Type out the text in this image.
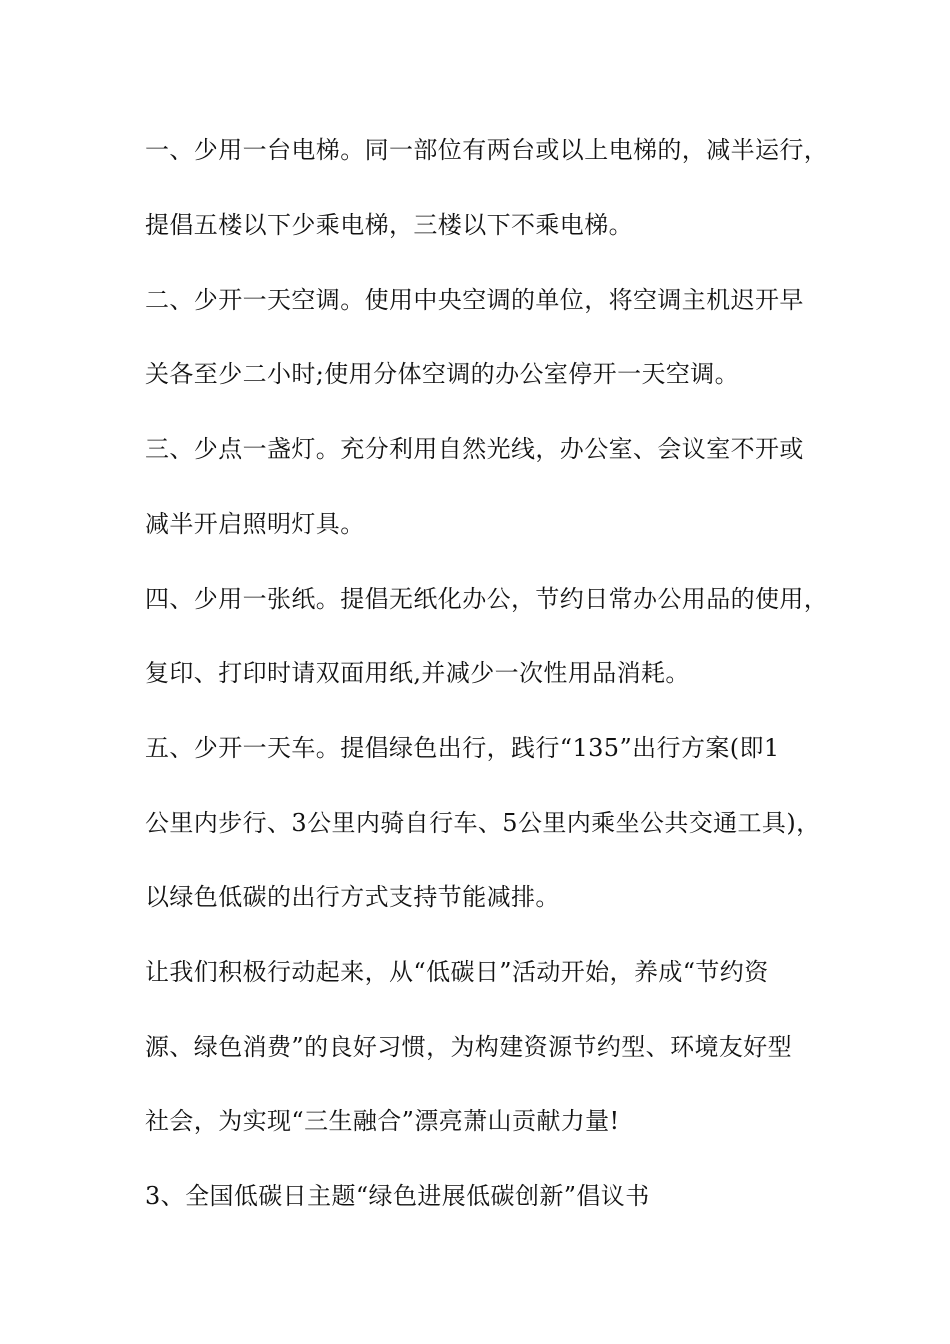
一、少用一台电梯。同一部位有两台或以上电梯的，减半运行，
提倡五楼以下少乘电梯，三楼以下不乘电梯。
二、少开一天空调。使用中央空调的单位，将空调主机迟开早
关各至少二小时;使用分体空调的办公室停开一天空调。
三、少点一盏灯。充分利用自然光线，办公室、会议室不开或
减半开启照明灯具。
四、少用一张纸。提倡无纸化办公，节约日常办公用品的使用，
复印、打印时请双面用纸,并减少一次性用品消耗。
五、少开一天车。提倡绿色出行，践行“135”出行方案(即1
公里内步行、3公里内骑自行车、5公里内乘坐公共交通工具)，
以绿色低碳的出行方式支持节能减排。
让我们积极行动起来，从“低碳日”活动开始，养成“节约资
源、绿色消费”的良好习惯，为构建资源节约型、环境友好型
社会，为实现“三生融合”漂亮萧山贡献力量!
3、全国低碳日主题“绿色进展低碳创新”倡议书
